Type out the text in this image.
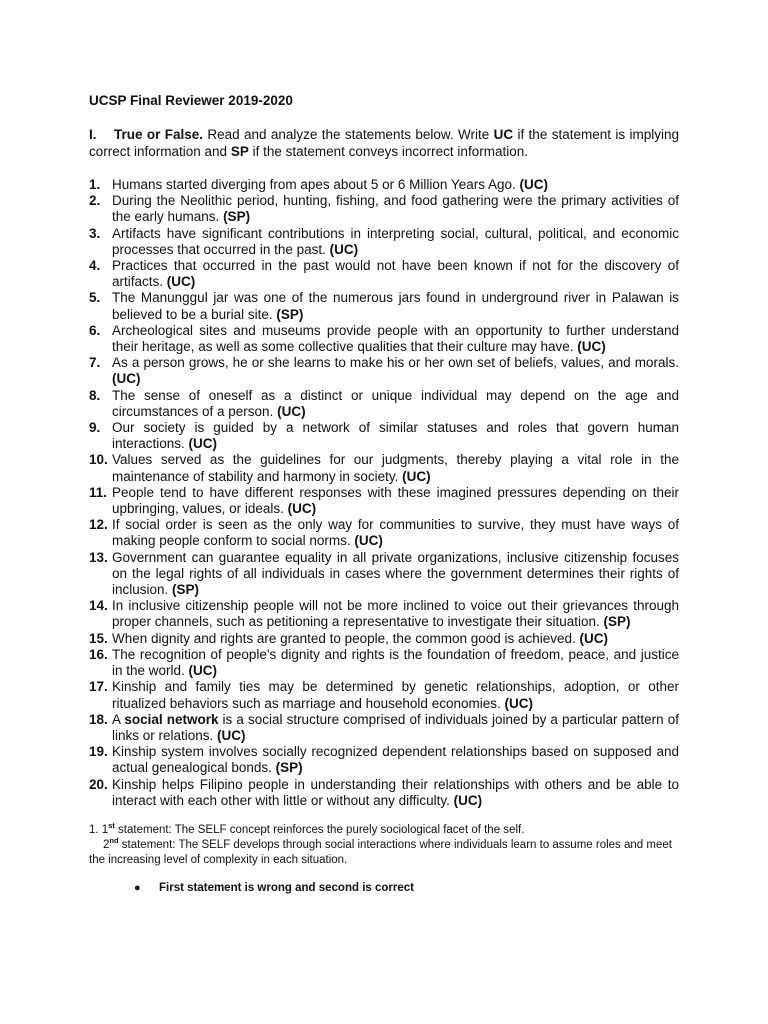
UCSP Final Reviewer 2019-2020
I. True or False. Read and analyze the statements below. Write UC if the statement is implying correct information and SP if the statement conveys incorrect information.
1. Humans started diverging from apes about 5 or 6 Million Years Ago. (UC)
2. During the Neolithic period, hunting, fishing, and food gathering were the primary activities of the early humans. (SP)
3. Artifacts have significant contributions in interpreting social, cultural, political, and economic processes that occurred in the past. (UC)
4. Practices that occurred in the past would not have been known if not for the discovery of artifacts. (UC)
5. The Manunggul jar was one of the numerous jars found in underground river in Palawan is believed to be a burial site. (SP)
6. Archeological sites and museums provide people with an opportunity to further understand their heritage, as well as some collective qualities that their culture may have. (UC)
7. As a person grows, he or she learns to make his or her own set of beliefs, values, and morals. (UC)
8. The sense of oneself as a distinct or unique individual may depend on the age and circumstances of a person. (UC)
9. Our society is guided by a network of similar statuses and roles that govern human interactions. (UC)
10. Values served as the guidelines for our judgments, thereby playing a vital role in the maintenance of stability and harmony in society. (UC)
11. People tend to have different responses with these imagined pressures depending on their upbringing, values, or ideals. (UC)
12. If social order is seen as the only way for communities to survive, they must have ways of making people conform to social norms. (UC)
13. Government can guarantee equality in all private organizations, inclusive citizenship focuses on the legal rights of all individuals in cases where the government determines their rights of inclusion. (SP)
14. In inclusive citizenship people will not be more inclined to voice out their grievances through proper channels, such as petitioning a representative to investigate their situation. (SP)
15. When dignity and rights are granted to people, the common good is achieved. (UC)
16. The recognition of people's dignity and rights is the foundation of freedom, peace, and justice in the world. (UC)
17. Kinship and family ties may be determined by genetic relationships, adoption, or other ritualized behaviors such as marriage and household economies. (UC)
18. A social network is a social structure comprised of individuals joined by a particular pattern of links or relations. (UC)
19. Kinship system involves socially recognized dependent relationships based on supposed and actual genealogical bonds. (SP)
20. Kinship helps Filipino people in understanding their relationships with others and be able to interact with each other with little or without any difficulty. (UC)
1. 1st statement: The SELF concept reinforces the purely sociological facet of the self.
2nd statement: The SELF develops through social interactions where individuals learn to assume roles and meet the increasing level of complexity in each situation.
● First statement is wrong and second is correct
